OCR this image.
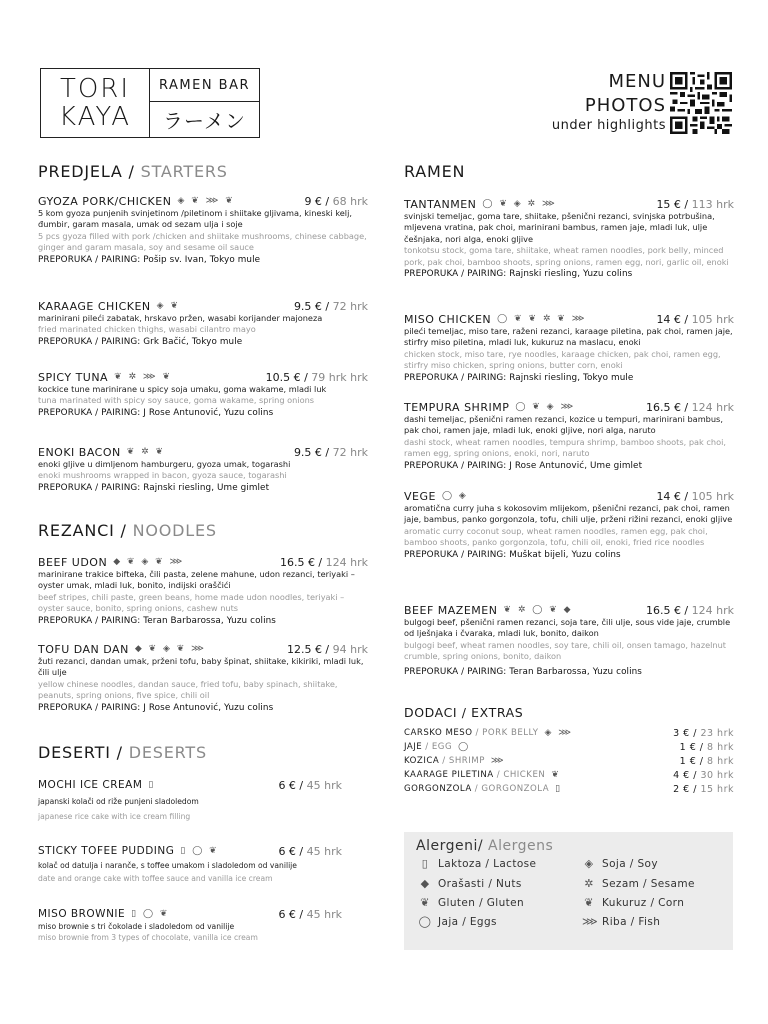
TORI
KAYA
RAMEN BAR
ラーメン
MENU
PHOTOS
under highlights
PREDJELA / STARTERS
GYOZA PORK/CHICKEN ◈ ❦ ⋙ ❦	9 € / 68 hrk
5 kom gyoza punjenih svinjetinom /piletinom i shiitake gljivama, kineski kelj, đumbir, garam masala, umak od sezam ulja i soje
5 pcs gyoza filled with pork /chicken and shiitake mushrooms, chinese cabbage, ginger and garam masala, soy and sesame oil sauce
PREPORUKA / PAIRING: Pošip sv. Ivan, Tokyo mule
KARAAGE CHICKEN ◈ ❦	9.5 € / 72 hrk
marinirani pileći zabatak, hrskavo pržen, wasabi korijander majoneza
fried marinated chicken thighs, wasabi cilantro mayo
PREPORUKA / PAIRING: Grk Bačić, Tokyo mule
SPICY TUNA ❦ ✲ ⋙ ❦	10.5 € / 79 hrk hrk
kockice tune marinirane u spicy soja umaku, goma wakame, mladi luk
tuna marinated with spicy soy sauce, goma wakame, spring onions
PREPORUKA / PAIRING: J Rose Antunović, Yuzu colins
ENOKI BACON ❦ ✲ ❦	9.5 € / 72 hrk
enoki gljive u dimljenom hamburgeru, gyoza umak, togarashi
enoki mushrooms wrapped in bacon, gyoza sauce, togarashi
PREPORUKA / PAIRING: Rajnski riesling, Ume gimlet
REZANCI / NOODLES
BEEF UDON ◆ ❦ ◈ ❦ ⋙	16.5 € / 124 hrk
marinirane trakice bifteka, čili pasta, zelene mahune, udon rezanci, teriyaki – oyster umak, mladi luk, bonito, indijski oraščići
beef stripes, chili paste, green beans, home made udon noodles, teriyaki – oyster sauce, bonito, spring onions, cashew nuts
PREPORUKA / PAIRING: Teran Barbarossa, Yuzu colins
TOFU DAN DAN ◆ ❦ ◈ ❦ ⋙	12.5 € / 94 hrk
žuti rezanci, dandan umak, prženi tofu, baby špinat, shiitake, kikiriki, mladi luk, čili ulje
yellow chinese noodles, dandan sauce, fried tofu, baby spinach, shiitake, peanuts, spring onions, five spice, chili oil
PREPORUKA / PAIRING: J Rose Antunović, Yuzu colins
DESERTI / DESERTS
MOCHI ICE CREAM ▯	6 € / 45 hrk
japanski kolači od riže punjeni sladoledom
japanese rice cake with ice cream filling
STICKY TOFEE PUDDING ▯ ◯ ❦	6 € / 45 hrk
kolač od datulja i naranče, s toffee umakom i sladoledom od vanilije
date and orange cake with toffee sauce and vanilla ice cream
MISO BROWNIE ▯ ◯ ❦	6 € / 45 hrk
miso brownie s tri čokolade i sladoledom od vanilije
miso brownie from 3 types of chocolate, vanilla ice cream
RAMEN
TANTANMEN ◯ ❦ ◈ ✲ ⋙	15 € / 113 hrk
svinjski temeljac, goma tare, shiitake, pšenični rezanci, svinjska potrbušina, mljevena vratina, pak choi, marinirani bambus, ramen jaje, mladi luk, ulje češnjaka, nori alga, enoki gljive
tonkotsu stock, goma tare, shiitake, wheat ramen noodles, pork belly, minced pork, pak choi, bamboo shoots, spring onions, ramen egg, nori, garlic oil, enoki
PREPORUKA / PAIRING: Rajnski riesling, Yuzu colins
MISO CHICKEN ◯ ❦ ❦ ✲ ❦ ⋙	14 € / 105 hrk
pileći temeljac, miso tare, raženi rezanci, karaage piletina, pak choi, ramen jaje, stirfry miso piletina, mladi luk, kukuruz na maslacu, enoki
chicken stock, miso tare, rye noodles, karaage chicken, pak choi, ramen egg, stirfry miso chicken, spring onions, butter corn, enoki
PREPORUKA / PAIRING: Rajnski riesling, Tokyo mule
TEMPURA SHRIMP ◯ ❦ ◈ ⋙	16.5 € / 124 hrk
dashi temeljac, pšenični ramen rezanci, kozice u tempuri, marinirani bambus, pak choi, ramen jaje, mladi luk, enoki gljive, nori alga, naruto
dashi stock, wheat ramen noodles, tempura shrimp, bamboo shoots, pak choi, ramen egg, spring onions, enoki, nori, naruto
PREPORUKA / PAIRING: J Rose Antunović, Ume gimlet
VEGE ◯ ◈	14 € / 105 hrk
aromatična curry juha s kokosovim mlijekom, pšenični rezanci, pak choi, ramen jaje, bambus, panko gorgonzola, tofu, chili ulje, prženi rižini rezanci, enoki gljive
aromatic curry coconut soup, wheat ramen noodles, ramen egg, pak choi, bamboo shoots, panko gorgonzola, tofu, chili oil, enoki, fried rice noodles
PREPORUKA / PAIRING: Muškat bijeli, Yuzu colins
BEEF MAZEMEN ❦ ✲ ◯ ❦ ◆	16.5 € / 124 hrk
bulgogi beef, pšenični ramen rezanci, soja tare, čili ulje, sous vide jaje, crumble od lješnjaka i čvaraka, mladi luk, bonito, daikon
bulgogi beef, wheat ramen noodles, soy tare, chili oil, onsen tamago, hazelnut crumble, spring onions, bonito, daikon
PREPORUKA / PAIRING: Teran Barbarossa, Yuzu colins
DODACI / EXTRAS
CARSKO MESO / PORK BELLY ◈ ⋙	3 € / 23 hrk
JAJE / EGG ◯	1 € / 8 hrk
KOZICA / SHRIMP ⋙	1 € / 8 hrk
KAARAGE PILETINA / CHICKEN ❦	4 € / 30 hrk
GORGONZOLA / GORGONZOLA ▯	2 € / 15 hrk
Alergeni/ Alergens
▯ Laktoza / Lactose
◆ Orašasti / Nuts
❦ Gluten / Gluten
◯ Jaja / Eggs
◈ Soja / Soy
✲ Sezam / Sesame
❦ Kukuruz / Corn
⋙ Riba / Fish
